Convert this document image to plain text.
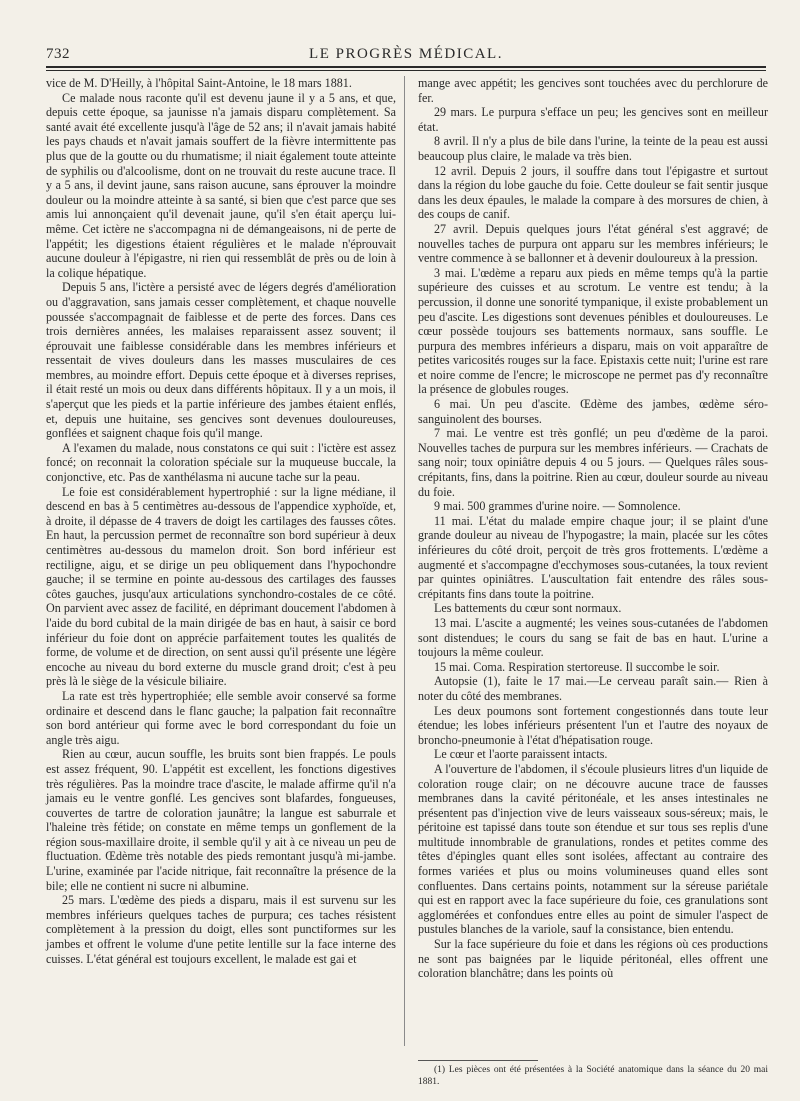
732	LE PROGRÈS MÉDICAL.

vice de M. D'Heilly, à l'hôpital Saint-Antoine, le 18 mars 1881.

Ce malade nous raconte qu'il est devenu jaune il y a 5 ans, et que, depuis cette époque, sa jaunisse n'a jamais disparu complètement. Sa santé avait été excellente jusqu'à l'âge de 52 ans; il n'avait jamais habité les pays chauds et n'avait jamais souffert de la fièvre intermittente pas plus que de la goutte ou du rhumatisme; il niait également toute atteinte de syphilis ou d'alcoolisme, dont on ne trouvait du reste aucune trace. Il y a 5 ans, il devint jaune, sans raison aucune, sans éprouver la moindre douleur ou la moindre atteinte à sa santé, si bien que c'est parce que ses amis lui annonçaient qu'il devenait jaune, qu'il s'en était aperçu lui-même. Cet ictère ne s'accompagna ni de démangeaisons, ni de perte de l'appétit; les digestions étaient régulières et le malade n'éprouvait aucune douleur à l'épigastre, ni rien qui ressemblât de près ou de loin à la colique hépatique.

Depuis 5 ans, l'ictère a persisté avec de légers degrés d'amélioration ou d'aggravation, sans jamais cesser complètement, et chaque nouvelle poussée s'accompagnait de faiblesse et de perte des forces. Dans ces trois dernières années, les malaises reparaissent assez souvent; il éprouvait une faiblesse considérable dans les membres inférieurs et ressentait de vives douleurs dans les masses musculaires de ces membres, au moindre effort. Depuis cette époque et à diverses reprises, il était resté un mois ou deux dans différents hôpitaux. Il y a un mois, il s'aperçut que les pieds et la partie inférieure des jambes étaient enflés, et, depuis une huitaine, ses gencives sont devenues douloureuses, gonflées et saignent chaque fois qu'il mange.

A l'examen du malade, nous constatons ce qui suit : l'ictère est assez foncé; on reconnait la coloration spéciale sur la muqueuse buccale, la conjonctive, etc. Pas de xanthélasma ni aucune tache sur la peau.

Le foie est considérablement hypertrophié : sur la ligne médiane, il descend en bas à 5 centimètres au-dessous de l'appendice xyphoïde, et, à droite, il dépasse de 4 travers de doigt les cartilages des fausses côtes. En haut, la percussion permet de reconnaître son bord supérieur à deux centimètres au-dessous du mamelon droit. Son bord inférieur est rectiligne, aigu, et se dirige un peu obliquement dans l'hypochondre gauche; il se termine en pointe au-dessous des cartilages des fausses côtes gauches, jusqu'aux articulations synchondro-costales de ce côté. On parvient avec assez de facilité, en déprimant doucement l'abdomen à l'aide du bord cubital de la main dirigée de bas en haut, à saisir ce bord inférieur du foie dont on apprécie parfaitement toutes les qualités de forme, de volume et de direction, on sent aussi qu'il présente une légère encoche au niveau du bord externe du muscle grand droit; c'est à peu près là le siège de la vésicule biliaire.

La rate est très hypertrophiée; elle semble avoir conservé sa forme ordinaire et descend dans le flanc gauche; la palpation fait reconnaître son bord antérieur qui forme avec le bord correspondant du foie un angle très aigu.

Rien au cœur, aucun souffle, les bruits sont bien frappés. Le pouls est assez fréquent, 90. L'appétit est excellent, les fonctions digestives très régulières. Pas la moindre trace d'ascite, le malade affirme qu'il n'a jamais eu le ventre gonflé. Les gencives sont blafardes, fongueuses, couvertes de tartre de coloration jaunâtre; la langue est saburrale et l'haleine très fétide; on constate en même temps un gonflement de la région sous-maxillaire droite, il semble qu'il y ait à ce niveau un peu de fluctuation. Œdème très notable des pieds remontant jusqu'à mi-jambe. L'urine, examinée par l'acide nitrique, fait reconnaître la présence de la bile; elle ne contient ni sucre ni albumine.

25 mars. L'œdème des pieds a disparu, mais il est survenu sur les membres inférieurs quelques taches de purpura; ces taches résistent complètement à la pression du doigt, elles sont punctiformes sur les jambes et offrent le volume d'une petite lentille sur la face interne des cuisses. L'état général est toujours excellent, le malade est gai et

mange avec appétit; les gencives sont touchées avec du perchlorure de fer.

29 mars. Le purpura s'efface un peu; les gencives sont en meilleur état.

8 avril. Il n'y a plus de bile dans l'urine, la teinte de la peau est aussi beaucoup plus claire, le malade va très bien.

12 avril. Depuis 2 jours, il souffre dans tout l'épigastre et surtout dans la région du lobe gauche du foie. Cette douleur se fait sentir jusque dans les deux épaules, le malade la compare à des morsures de chien, à des coups de canif.

27 avril. Depuis quelques jours l'état général s'est aggravé; de nouvelles taches de purpura ont apparu sur les membres inférieurs; le ventre commence à se ballonner et à devenir douloureux à la pression.

3 mai. L'œdème a reparu aux pieds en même temps qu'à la partie supérieure des cuisses et au scrotum. Le ventre est tendu; à la percussion, il donne une sonorité tympanique, il existe probablement un peu d'ascite. Les digestions sont devenues pénibles et douloureuses. Le cœur possède toujours ses battements normaux, sans souffle. Le purpura des membres inférieurs a disparu, mais on voit apparaître de petites varicosités rouges sur la face. Epistaxis cette nuit; l'urine est rare et noire comme de l'encre; le microscope ne permet pas d'y reconnaître la présence de globules rouges.

6 mai. Un peu d'ascite. Œdème des jambes, œdème séro-sanguinolent des bourses.

7 mai. Le ventre est très gonflé; un peu d'œdème de la paroi. Nouvelles taches de purpura sur les membres inférieurs. — Crachats de sang noir; toux opiniâtre depuis 4 ou 5 jours. — Quelques râles sous-crépitants, fins, dans la poitrine. Rien au cœur, douleur sourde au niveau du foie.

9 mai. 500 grammes d'urine noire. — Somnolence.

11 mai. L'état du malade empire chaque jour; il se plaint d'une grande douleur au niveau de l'hypogastre; la main, placée sur les côtes inférieures du côté droit, perçoit de très gros frottements. L'œdème a augmenté et s'accompagne d'ecchymoses sous-cutanées, la toux revient par quintes opiniâtres. L'auscultation fait entendre des râles sous-crépitants fins dans toute la poitrine.

Les battements du cœur sont normaux.

13 mai. L'ascite a augmenté; les veines sous-cutanées de l'abdomen sont distendues; le cours du sang se fait de bas en haut. L'urine a toujours la même couleur.

15 mai. Coma. Respiration stertoreuse. Il succombe le soir.

Autopsie (1), faite le 17 mai.—Le cerveau paraît sain.— Rien à noter du côté des membranes.

Les deux poumons sont fortement congestionnés dans toute leur étendue; les lobes inférieurs présentent l'un et l'autre des noyaux de broncho-pneumonie à l'état d'hépatisation rouge.

Le cœur et l'aorte paraissent intacts.

A l'ouverture de l'abdomen, il s'écoule plusieurs litres d'un liquide de coloration rouge clair; on ne découvre aucune trace de fausses membranes dans la cavité péritonéale, et les anses intestinales ne présentent pas d'injection vive de leurs vaisseaux sous-séreux; mais, le péritoine est tapissé dans toute son étendue et sur tous ses replis d'une multitude innombrable de granulations, rondes et petites comme des têtes d'épingles quant elles sont isolées, affectant au contraire des formes variées et plus ou moins volumineuses quand elles sont confluentes. Dans certains points, notamment sur la séreuse pariétale qui est en rapport avec la face supérieure du foie, ces granulations sont agglomérées et confondues entre elles au point de simuler l'aspect de pustules blanches de la variole, sauf la consistance, bien entendu.

Sur la face supérieure du foie et dans les régions où ces productions ne sont pas baignées par le liquide péritonéal, elles offrent une coloration blanchâtre; dans les points où

(1) Les pièces ont été présentées à la Société anatomique dans la séance du 20 mai 1881.
